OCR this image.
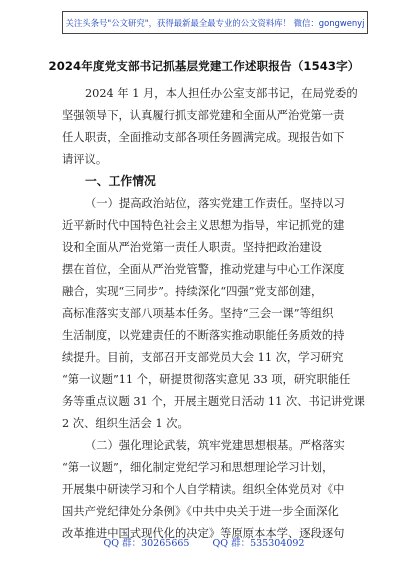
关注头条号"公文研究"，获得最新最全最专业的公文资料库！ 微信：gongwenyj
2024年度党支部书记抓基层党建工作述职报告（1543字）
2024 年 1 月，本人担任办公室支部书记，在局党委的
坚强领导下，认真履行抓支部党建和全面从严治党第一责
任人职责，全面推动支部各项任务圆满完成。现报告如下
请评议。
一、工作情况
（一）提高政治站位，落实党建工作责任。坚持以习
近平新时代中国特色社会主义思想为指导，牢记抓党的建
设和全面从严治党第一责任人职责。坚持把政治建设
摆在首位，全面从严治党管警，推动党建与中心工作深度
融合，实现“三同步”。持续深化“四强”党支部创建，
高标准落实支部八项基本任务。坚持“三会一课”等组织
生活制度，以党建责任的不断落实推动职能任务质效的持
续提升。目前，支部召开支部党员大会 11 次，学习研究
“第一议题”11 个，研提贯彻落实意见 33 项，研究职能任
务等重点议题 31 个，开展主题党日活动 11 次、书记讲党课
2 次、组织生活会 1 次。
（二）强化理论武装，筑牢党建思想根基。严格落实
“第一议题”，细化制定党纪学习和思想理论学习计划，
开展集中研读学习和个人自学精读。组织全体党员对《中
国共产党纪律处分条例》《中共中央关于进一步全面深化
改革推进中国式现代化的决定》等原原本本学、逐段逐句
QQ 群：30265665 QQ 群：535304092
